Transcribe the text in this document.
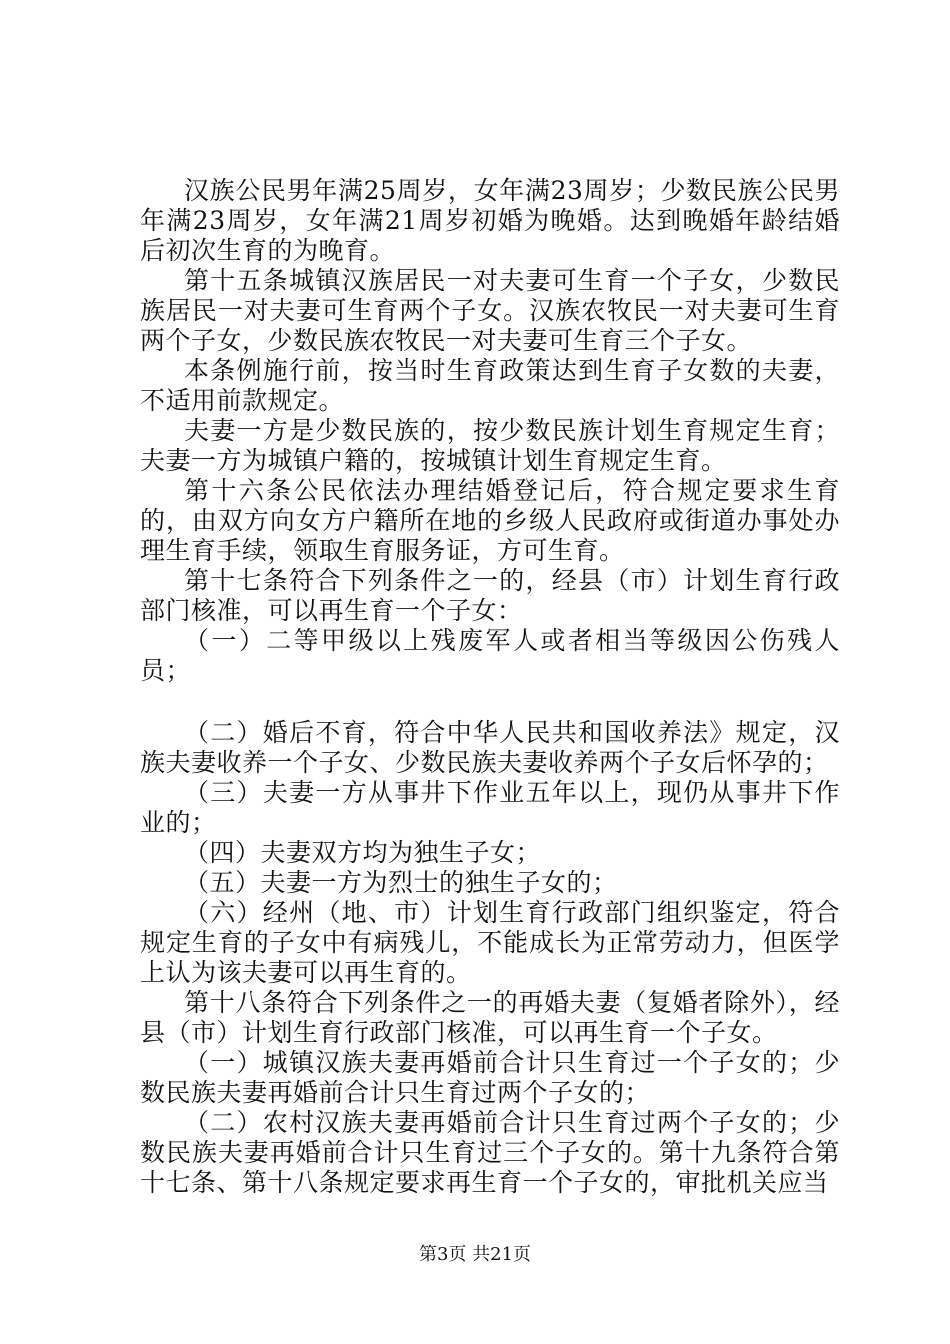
汉族公民男年满25周岁，女年满23周岁；少数民族公民男年满23周岁，女年满21周岁初婚为晚婚。达到晚婚年龄结婚后初次生育的为晚育。

第十五条城镇汉族居民一对夫妻可生育一个子女，少数民族居民一对夫妻可生育两个子女。汉族农牧民一对夫妻可生育两个子女，少数民族农牧民一对夫妻可生育三个子女。

本条例施行前，按当时生育政策达到生育子女数的夫妻，不适用前款规定。

夫妻一方是少数民族的，按少数民族计划生育规定生育；夫妻一方为城镇户籍的，按城镇计划生育规定生育。

第十六条公民依法办理结婚登记后，符合规定要求生育的，由双方向女方户籍所在地的乡级人民政府或街道办事处办理生育手续，领取生育服务证，方可生育。

第十七条符合下列条件之一的，经县（市）计划生育行政部门核准，可以再生育一个子女：

（一）二等甲级以上残废军人或者相当等级因公伤残人员；

（二）婚后不育，符合中华人民共和国收养法》规定，汉族夫妻收养一个子女、少数民族夫妻收养两个子女后怀孕的；

（三）夫妻一方从事井下作业五年以上，现仍从事井下作业的；

（四）夫妻双方均为独生子女；

（五）夫妻一方为烈士的独生子女的；

（六）经州（地、市）计划生育行政部门组织鉴定，符合规定生育的子女中有病残儿，不能成长为正常劳动力，但医学上认为该夫妻可以再生育的。

第十八条符合下列条件之一的再婚夫妻（复婚者除外），经县（市）计划生育行政部门核准，可以再生育一个子女。

（一）城镇汉族夫妻再婚前合计只生育过一个子女的；少数民族夫妻再婚前合计只生育过两个子女的；

（二）农村汉族夫妻再婚前合计只生育过两个子女的；少数民族夫妻再婚前合计只生育过三个子女的。第十九条符合第十七条、第十八条规定要求再生育一个子女的，审批机关应当

第3页 共21页
